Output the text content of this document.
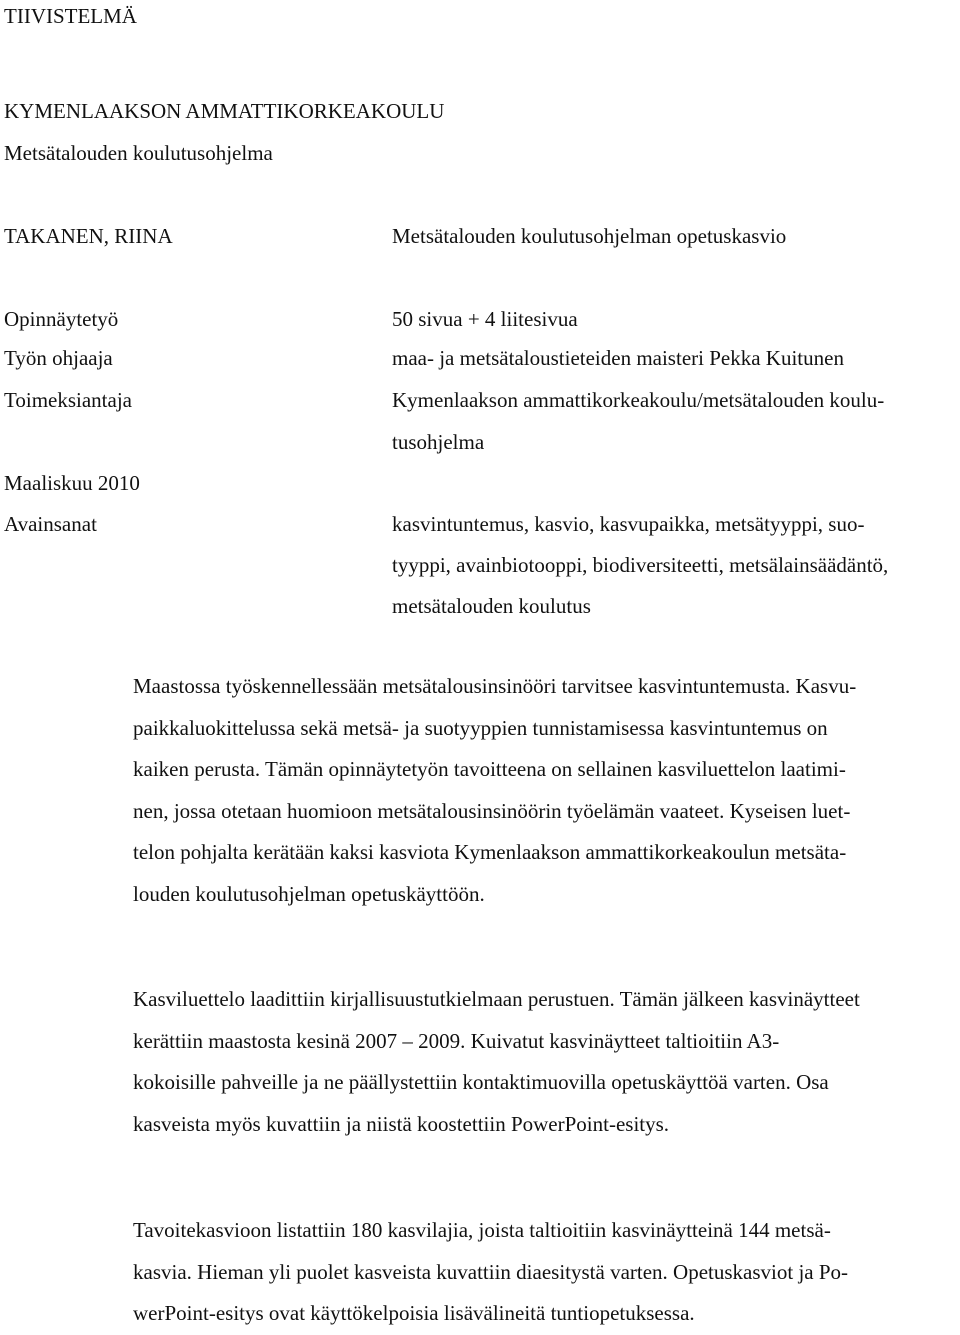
TIIVISTELMÄ
KYMENLAAKSON AMMATTIKORKEAKOULU
Metsätalouden koulutusohjelma
TAKANEN, RIINA	Metsätalouden koulutusohjelman opetuskasvio
Opinnäytetyö	50 sivua + 4 liitesivua
Työn ohjaaja	maa- ja metsätaloustieteiden maisteri Pekka Kuitunen
Toimeksiantaja	Kymenlaakson ammattikorkeakoulu/metsätalouden koulu-
tusohjelma
Maaliskuu 2010
Avainsanat	kasvintuntemus, kasvio, kasvupaikka, metsätyyppi, suo-
tyyppi, avainbiotooppi, biodiversiteetti, metsälainsäädäntö,
metsätalouden koulutus

Maastossa työskennellessään metsätalousinsinööri tarvitsee kasvintuntemusta. Kasvu-
paikkaluokittelussa sekä metsä- ja suotyyppien tunnistamisessa kasvintuntemus on
kaiken perusta. Tämän opinnäytetyön tavoitteena on sellainen kasviluettelon laatimi-
nen, jossa otetaan huomioon metsätalousinsinöörin työelämän vaateet. Kyseisen luet-
telon pohjalta kerätään kaksi kasviota Kymenlaakson ammattikorkeakoulun metsäta-
louden koulutusohjelman opetuskäyttöön.

Kasviluettelo laadittiin kirjallisuustutkielmaan perustuen. Tämän jälkeen kasvinäytteet
kerättiin maastosta kesinä 2007 – 2009. Kuivatut kasvinäytteet taltioitiin A3-
kokoisille pahveille ja ne päällystettiin kontaktimuovilla opetuskäyttöä varten. Osa
kasveista myös kuvattiin ja niistä koostettiin PowerPoint-esitys.

Tavoitekasvioon listattiin 180 kasvilajia, joista taltioitiin kasvinäytteinä 144 metsä-
kasvia. Hieman yli puolet kasveista kuvattiin diaesitystä varten. Opetuskasviot ja Po-
werPoint-esitys ovat käyttökelpoisia lisävälineitä tuntiopetuksessa.
